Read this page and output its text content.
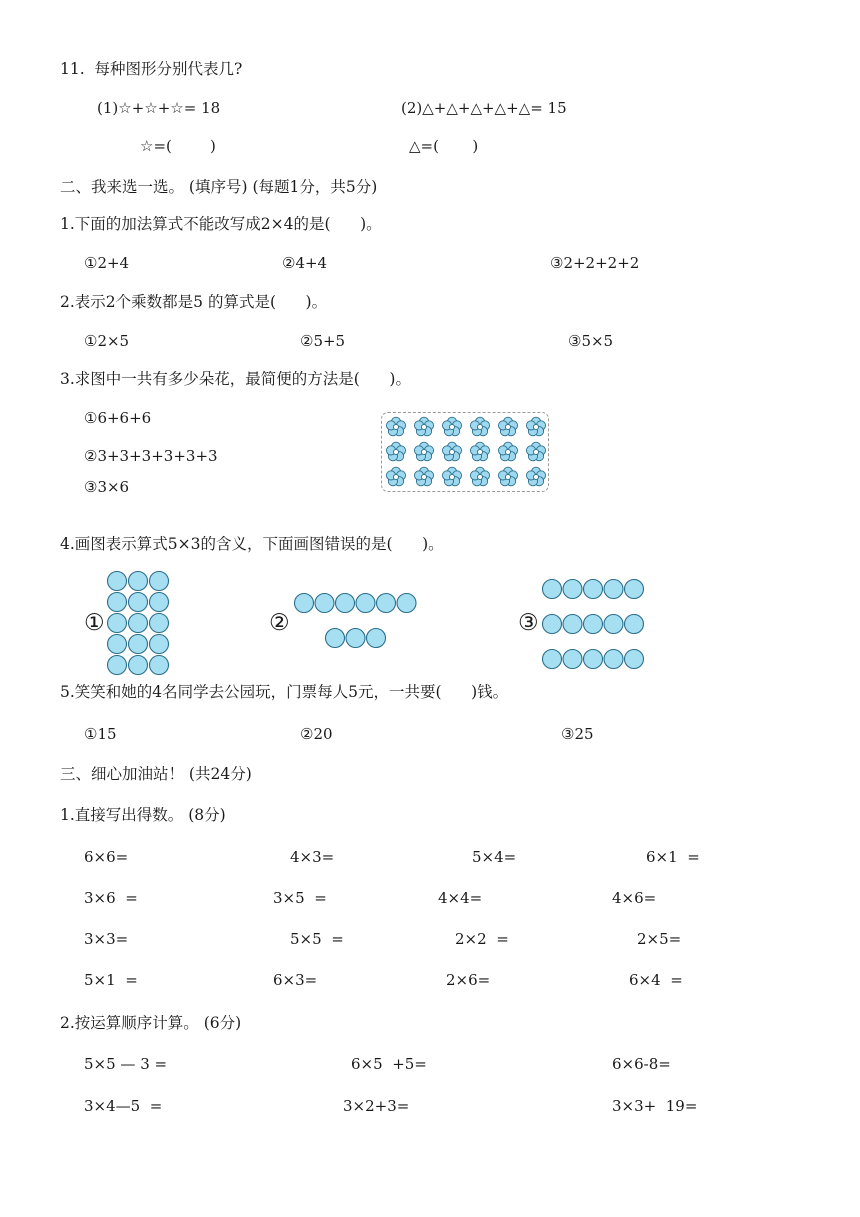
11.  每种图形分别代表几?
(1)☆+☆+☆= 18	(2)△+△+△+△+△= 15
☆=(        )	△=(       )
二、我来选一选。 (填序号) (每题1分，共5分)
1.下面的加法算式不能改写成2×4的是(      )。
①2+4	②4+4	③2+2+2+2
2.表示2个乘数都是5 的算式是(      )。
①2×5	②5+5	③5×5
3.求图中一共有多少朵花，最简便的方法是(      )。
①6+6+6
②3+3+3+3+3+3
③3×6
4.画图表示算式5×3的含义，下面画图错误的是(      )。
①	②	③
5.笑笑和她的4名同学去公园玩，门票每人5元，一共要(      )钱。
①15	②20	③25
三、细心加油站！ (共24分)
1.直接写出得数。 (8分)
6×6=	4×3=	5×4=	6×1  =
3×6  =	3×5  =	4×4=	4×6=
3×3=	5×5  =	2×2  =	2×5=
5×1  =	6×3=	2×6=	6×4  =
2.按运算顺序计算。 (6分)
5×5 — 3 =	6×5  +5=	6×6-8=
3×4—5  =	3×2+3=	3×3+  19=
